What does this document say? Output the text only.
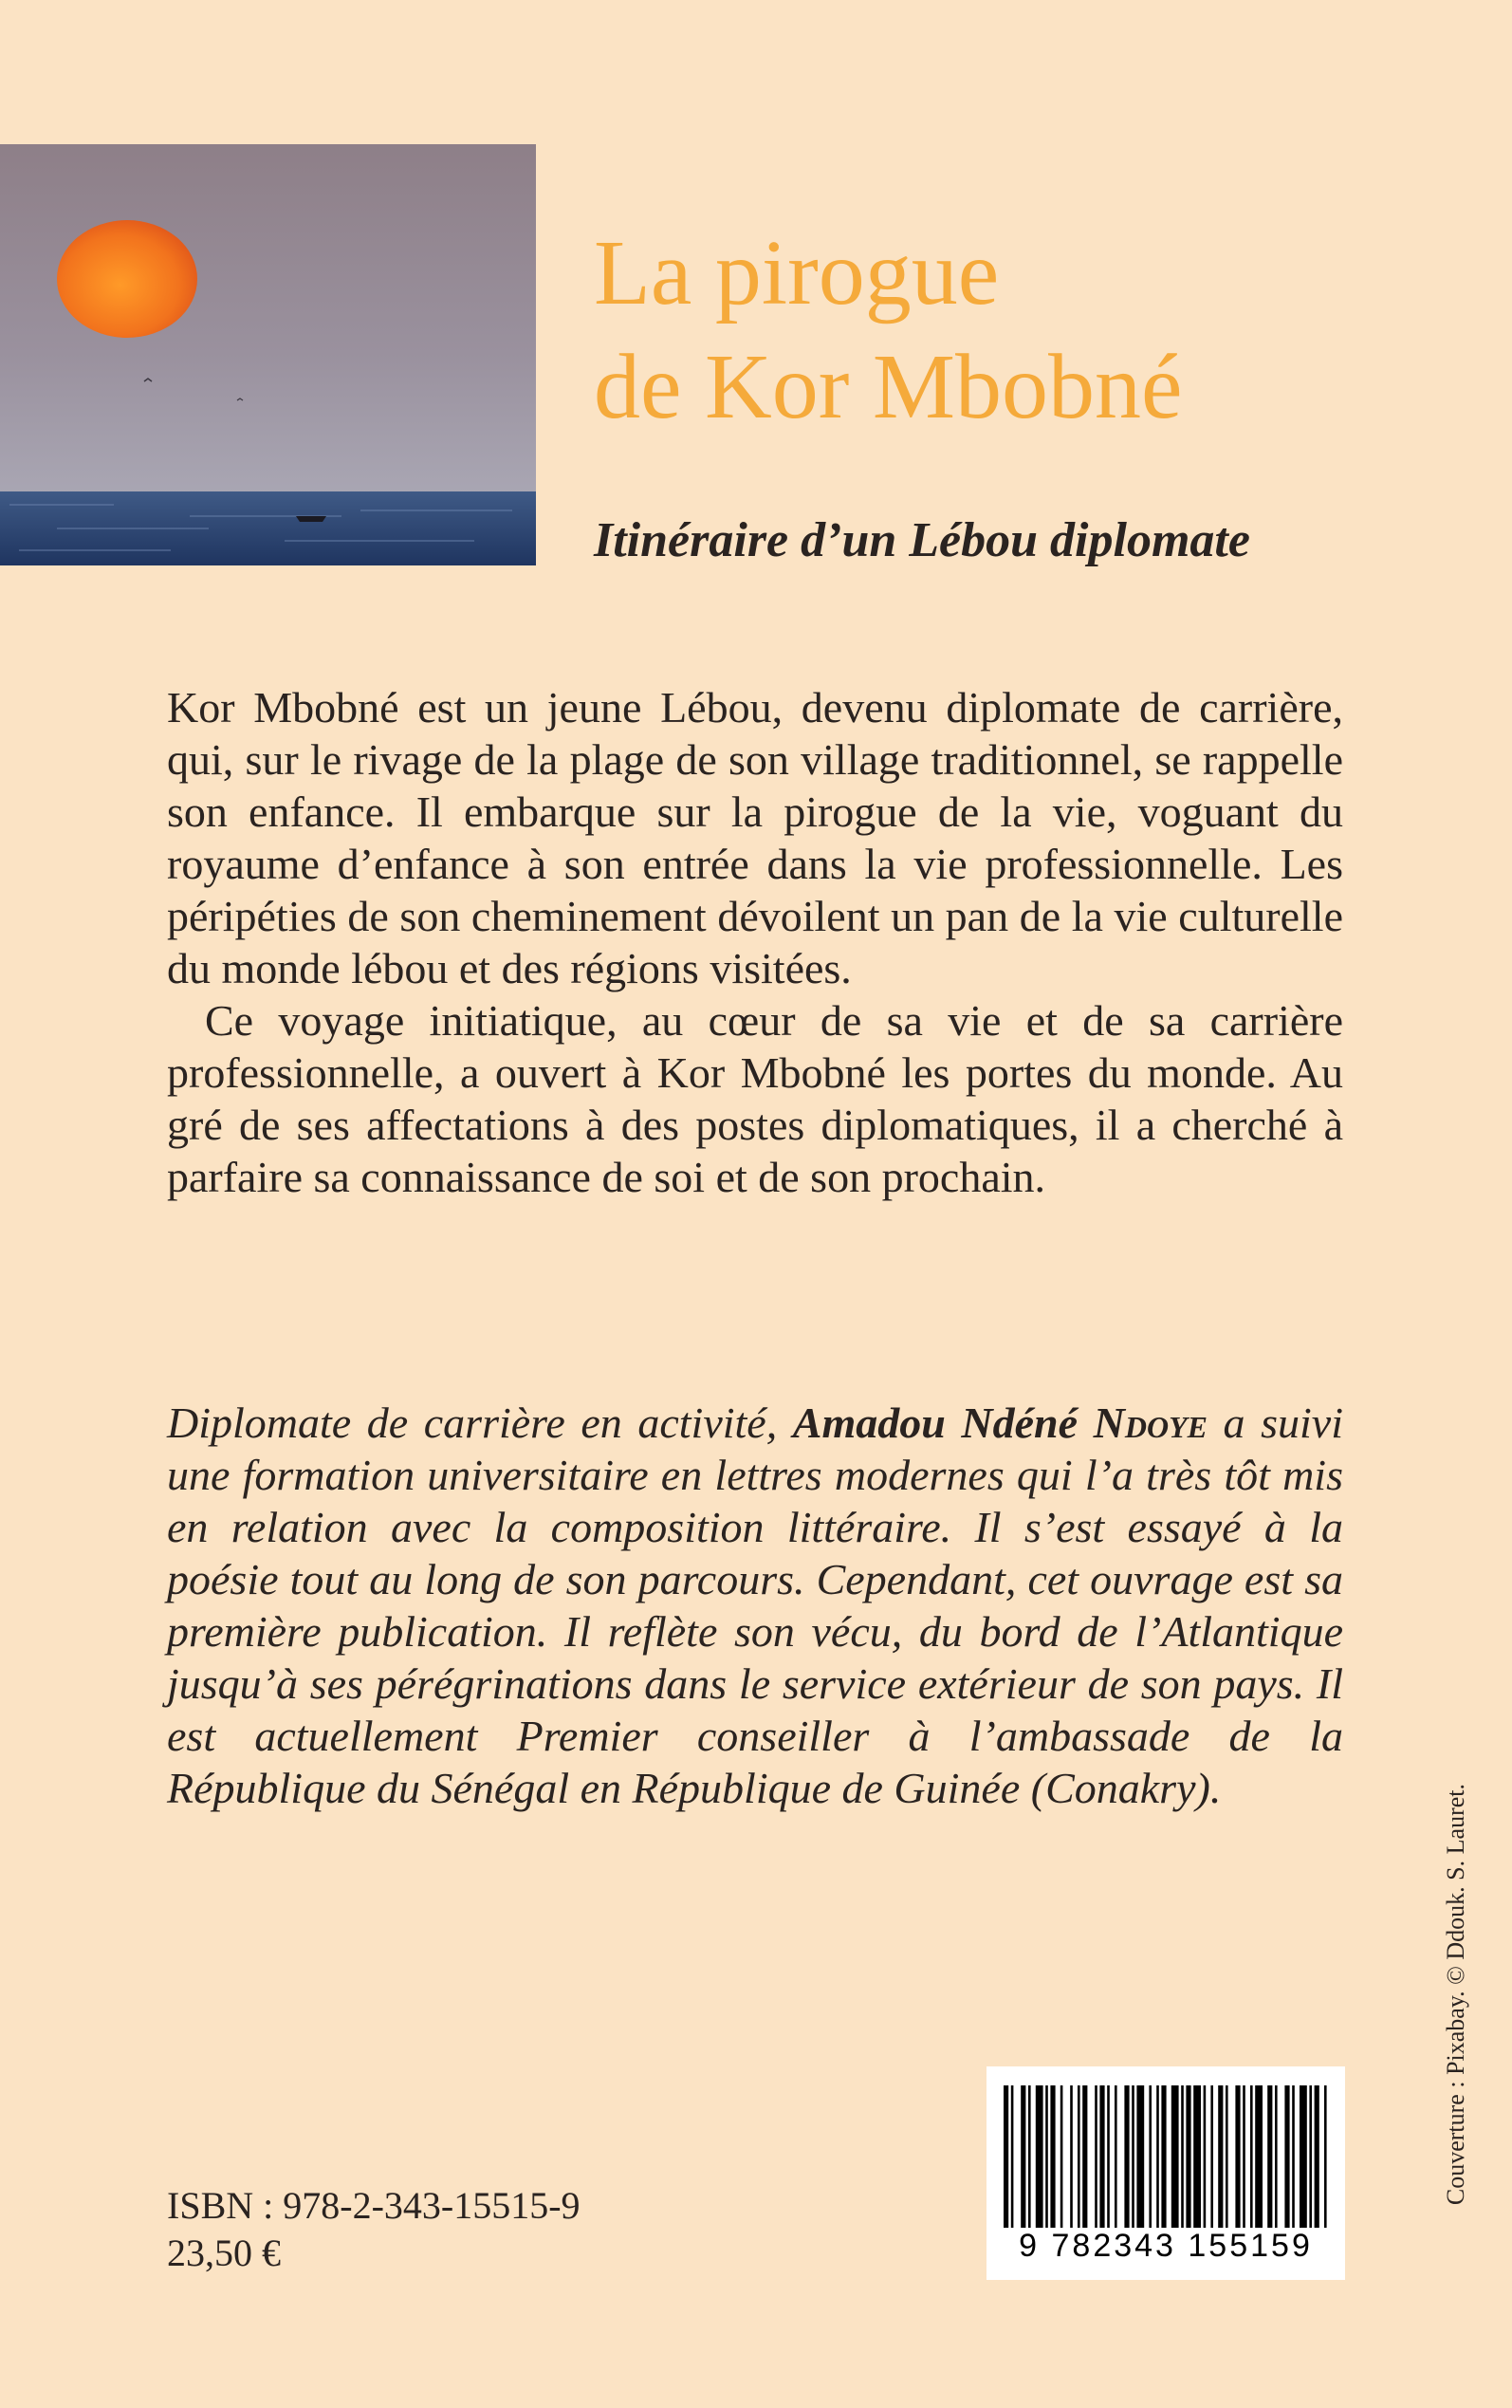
La pirogue
de Kor Mbobné
Itinéraire d’un Lébou diplomate

Kor Mbobné est un jeune Lébou, devenu diplomate de carrière, qui, sur le rivage de la plage de son village traditionnel, se rappelle son enfance. Il embarque sur la pirogue de la vie, voguant du royaume d’enfance à son entrée dans la vie professionnelle. Les péripéties de son cheminement dévoilent un pan de la vie culturelle du monde lébou et des régions visitées.

Ce voyage initiatique, au cœur de sa vie et de sa carrière professionnelle, a ouvert à Kor Mbobné les portes du monde. Au gré de ses affectations à des postes diplomatiques, il a cherché à parfaire sa connaissance de soi et de son prochain.

Diplomate de carrière en activité, Amadou Ndéné Ndoye a suivi une formation universitaire en lettres modernes qui l’a très tôt mis en relation avec la composition littéraire. Il s’est essayé à la poésie tout au long de son parcours. Cependant, cet ouvrage est sa première publication. Il reflète son vécu, du bord de l’Atlantique jusqu’à ses pérégrinations dans le service extérieur de son pays. Il est actuellement Premier conseiller à l’ambassade de la République du Sénégal en République de Guinée (Conakry).	Couverture : Pixabay. © Ddouk. S. Lauret.
ISBN : 978-2-343-15515-9
23,50 €	9 782343 155159
